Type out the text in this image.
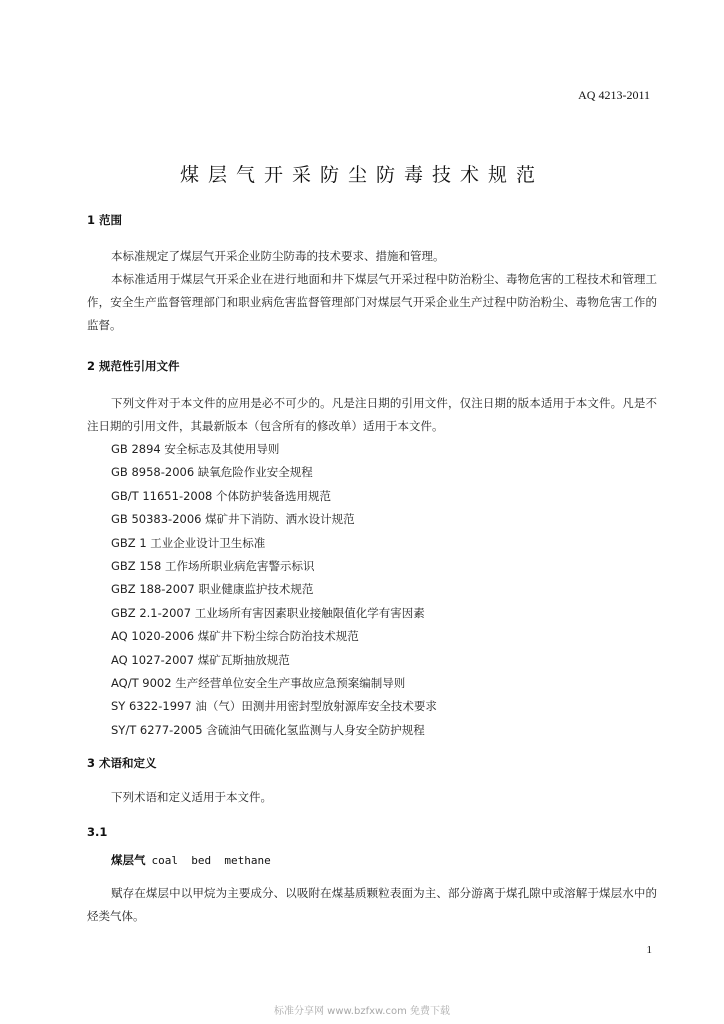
AQ 4213-2011
煤层气开采防尘防毒技术规范
1 范围
本标准规定了煤层气开采企业防尘防毒的技术要求、措施和管理。
本标准适用于煤层气开采企业在进行地面和井下煤层气开采过程中防治粉尘、毒物危害的工程技术和管理工作，安全生产监督管理部门和职业病危害监督管理部门对煤层气开采企业生产过程中防治粉尘、毒物危害工作的监督。
2 规范性引用文件
下列文件对于本文件的应用是必不可少的。凡是注日期的引用文件，仅注日期的版本适用于本文件。凡是不注日期的引用文件，其最新版本（包含所有的修改单）适用于本文件。
GB 2894 安全标志及其使用导则
GB 8958-2006 缺氧危险作业安全规程
GB/T 11651-2008 个体防护装备选用规范
GB 50383-2006 煤矿井下消防、洒水设计规范
GBZ 1 工业企业设计卫生标准
GBZ 158 工作场所职业病危害警示标识
GBZ 188-2007 职业健康监护技术规范
GBZ 2.1-2007 工业场所有害因素职业接触限值化学有害因素
AQ 1020-2006 煤矿井下粉尘综合防治技术规范
AQ 1027-2007 煤矿瓦斯抽放规范
AQ/T 9002 生产经营单位安全生产事故应急预案编制导则
SY 6322-1997 油（气）田测井用密封型放射源库安全技术要求
SY/T 6277-2005 含硫油气田硫化氢监测与人身安全防护规程
3 术语和定义
下列术语和定义适用于本文件。
3.1
煤层气 coal  bed  methane
赋存在煤层中以甲烷为主要成分、以吸附在煤基质颗粒表面为主、部分游离于煤孔隙中或溶解于煤层水中的烃类气体。
1
标准分享网 www.bzfxw.com 免费下载
